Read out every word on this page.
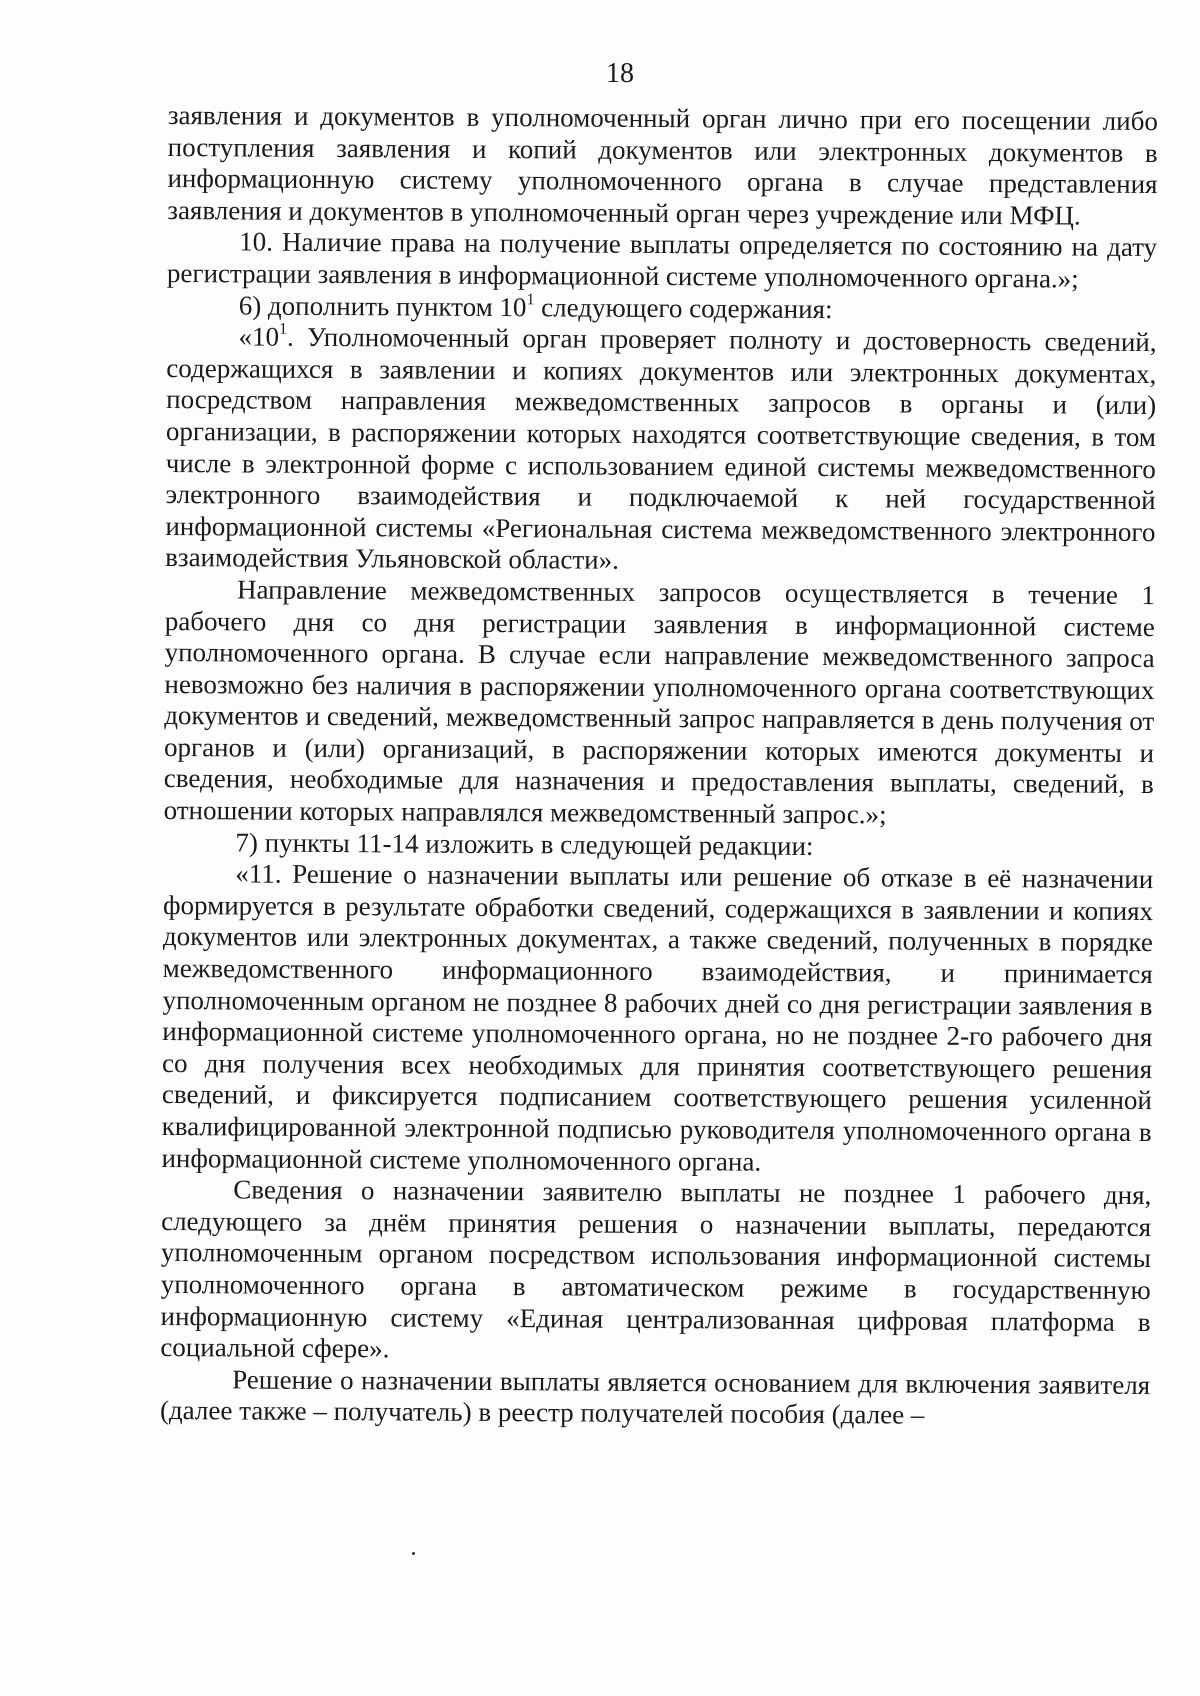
18

заявления и документов в уполномоченный орган лично при его посещении либо поступления заявления и копий документов или электронных документов в информационную систему уполномоченного органа в случае представления заявления и документов в уполномоченный орган через учреждение или МФЦ.

10. Наличие права на получение выплаты определяется по состоянию на дату регистрации заявления в информационной системе уполномоченного органа.»;

6) дополнить пунктом $10^1$ следующего содержания:

«$10^1$. Уполномоченный орган проверяет полноту и достоверность сведений, содержащихся в заявлении и копиях документов или электронных документах, посредством направления межведомственных запросов в органы и (или) организации, в распоряжении которых находятся соответствующие сведения, в том числе в электронной форме с использованием единой системы межведомственного электронного взаимодействия и подключаемой к ней государственной информационной системы «Региональная система межведомственного электронного взаимодействия Ульяновской области».

Направление межведомственных запросов осуществляется в течение 1 рабочего дня со дня регистрации заявления в информационной системе уполномоченного органа. В случае если направление межведомственного запроса невозможно без наличия в распоряжении уполномоченного органа соответствующих документов и сведений, межведомственный запрос направляется в день получения от органов и (или) организаций, в распоряжении которых имеются документы и сведения, необходимые для назначения и предоставления выплаты, сведений, в отношении которых направлялся межведомственный запрос.»;

7) пункты 11-14 изложить в следующей редакции:

«11. Решение о назначении выплаты или решение об отказе в её назначении формируется в результате обработки сведений, содержащихся в заявлении и копиях документов или электронных документах, а также сведений, полученных в порядке межведомственного информационного взаимодействия, и принимается уполномоченным органом не позднее 8 рабочих дней со дня регистрации заявления в информационной системе уполномоченного органа, но не позднее 2-го рабочего дня со дня получения всех необходимых для принятия соответствующего решения сведений, и фиксируется подписанием соответствующего решения усиленной квалифицированной электронной подписью руководителя уполномоченного органа в информационной системе уполномоченного органа.

Сведения о назначении заявителю выплаты не позднее 1 рабочего дня, следующего за днём принятия решения о назначении выплаты, передаются уполномоченным органом посредством использования информационной системы уполномоченного органа в автоматическом режиме в государственную информационную систему «Единая централизованная цифровая платформа в социальной сфере».

Решение о назначении выплаты является основанием для включения заявителя (далее также – получатель) в реестр получателей пособия (далее –
